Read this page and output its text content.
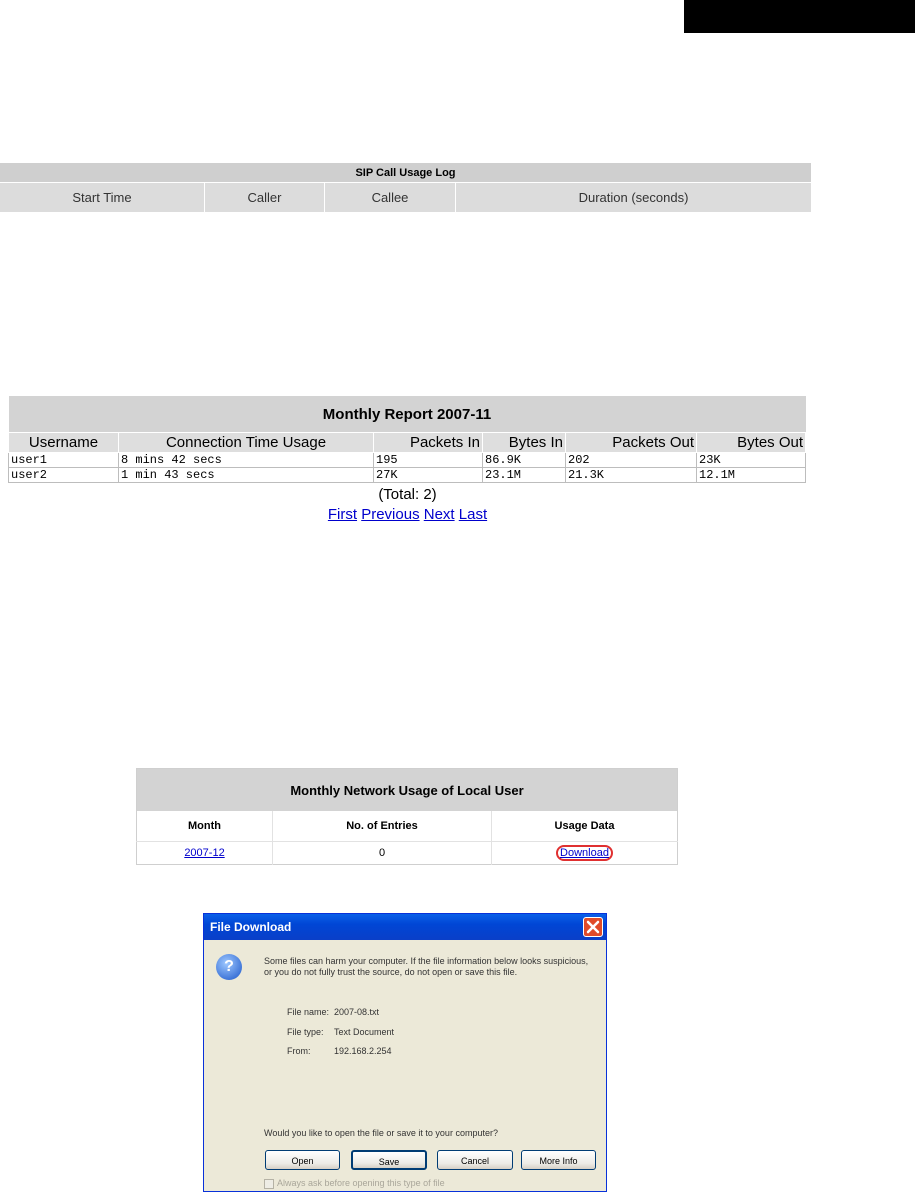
SIP Call Usage Log
Start Time	Caller	Callee	Duration (seconds)
Monthly Report 2007-11					
Username	Connection Time Usage	Packets In	Bytes In	Packets Out	Bytes Out
user1	8 mins 42 secs	195	86.9K	202	23K
user2	1 min 43 secs	27K	23.1M	21.3K	12.1M
(Total: 2)
First Previous Next Last
Monthly Network Usage of Local User		
Month	No. of Entries	Usage Data
2007-12	0	Download
File Download
?	Some files can harm your computer. If the file information below looks suspicious, or you do not fully trust the source, do not open or save this file.
File name: 2007-08.txt
File type: Text Document
From:	192.168.2.254
Would you like to open the file or save it to your computer?
Open	Save	Cancel	More Info
Always ask before opening this type of file
